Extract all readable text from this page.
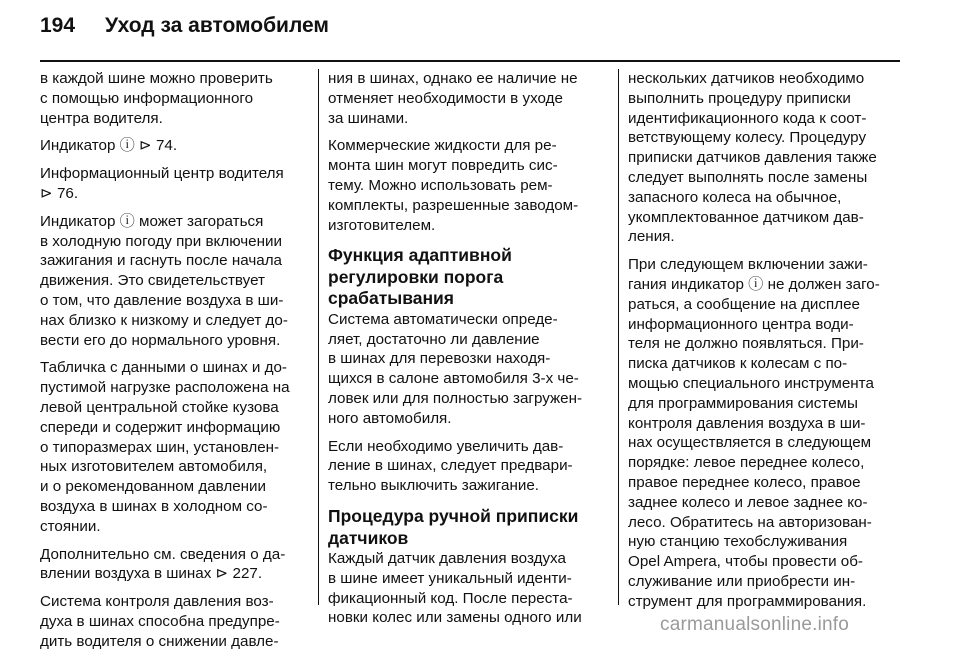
194 Уход за автомобилем

в каждой шине можно проверить
с помощью информационного
центра водителя.

Индикатор ⓘ ⊳ 74.

Информационный центр водителя
⊳ 76.

Индикатор ⓘ может загораться
в холодную погоду при включении
зажигания и гаснуть после начала
движения. Это свидетельствует
о том, что давление воздуха в ши-
нах близко к низкому и следует до-
вести его до нормального уровня.

Табличка с данными о шинах и до-
пустимой нагрузке расположена на
левой центральной стойке кузова
спереди и содержит информацию
о типоразмерах шин, установлен-
ных изготовителем автомобиля,
и о рекомендованном давлении
воздуха в шинах в холодном со-
стоянии.

Дополнительно см. сведения о да-
влении воздуха в шинах ⊳ 227.

Система контроля давления воз-
духа в шинах способна предупре-
дить водителя о снижении давле-

ния в шинах, однако ее наличие не
отменяет необходимости в уходе
за шинами.

Коммерческие жидкости для ре-
монта шин могут повредить сис-
тему. Можно использовать рем-
комплекты, разрешенные заводом-
изготовителем.

Функция адаптивной
регулировки порога
срабатывания

Система автоматически опреде-
ляет, достаточно ли давление
в шинах для перевозки находя-
щихся в салоне автомобиля 3-х че-
ловек или для полностью загружен-
ного автомобиля.

Если необходимо увеличить дав-
ление в шинах, следует предвари-
тельно выключить зажигание.

Процедура ручной приписки
датчиков

Каждый датчик давления воздуха
в шине имеет уникальный иденти-
фикационный код. После переста-
новки колес или замены одного или

нескольких датчиков необходимо
выполнить процедуру приписки
идентификационного кода к соот-
ветствующему колесу. Процедуру
приписки датчиков давления также
следует выполнять после замены
запасного колеса на обычное,
укомплектованное датчиком дав-
ления.

При следующем включении зажи-
гания индикатор ⓘ не должен заго-
раться, а сообщение на дисплее
информационного центра води-
теля не должно появляться. При-
писка датчиков к колесам с по-
мощью специального инструмента
для программирования системы
контроля давления воздуха в ши-
нах осуществляется в следующем
порядке: левое переднее колесо,
правое переднее колесо, правое
заднее колесо и левое заднее ко-
лесо. Обратитесь на авторизован-
ную станцию техобслуживания
Opel Ampera, чтобы провести об-
служивание или приобрести ин-
струмент для программирования.

carmanualsonline.info
